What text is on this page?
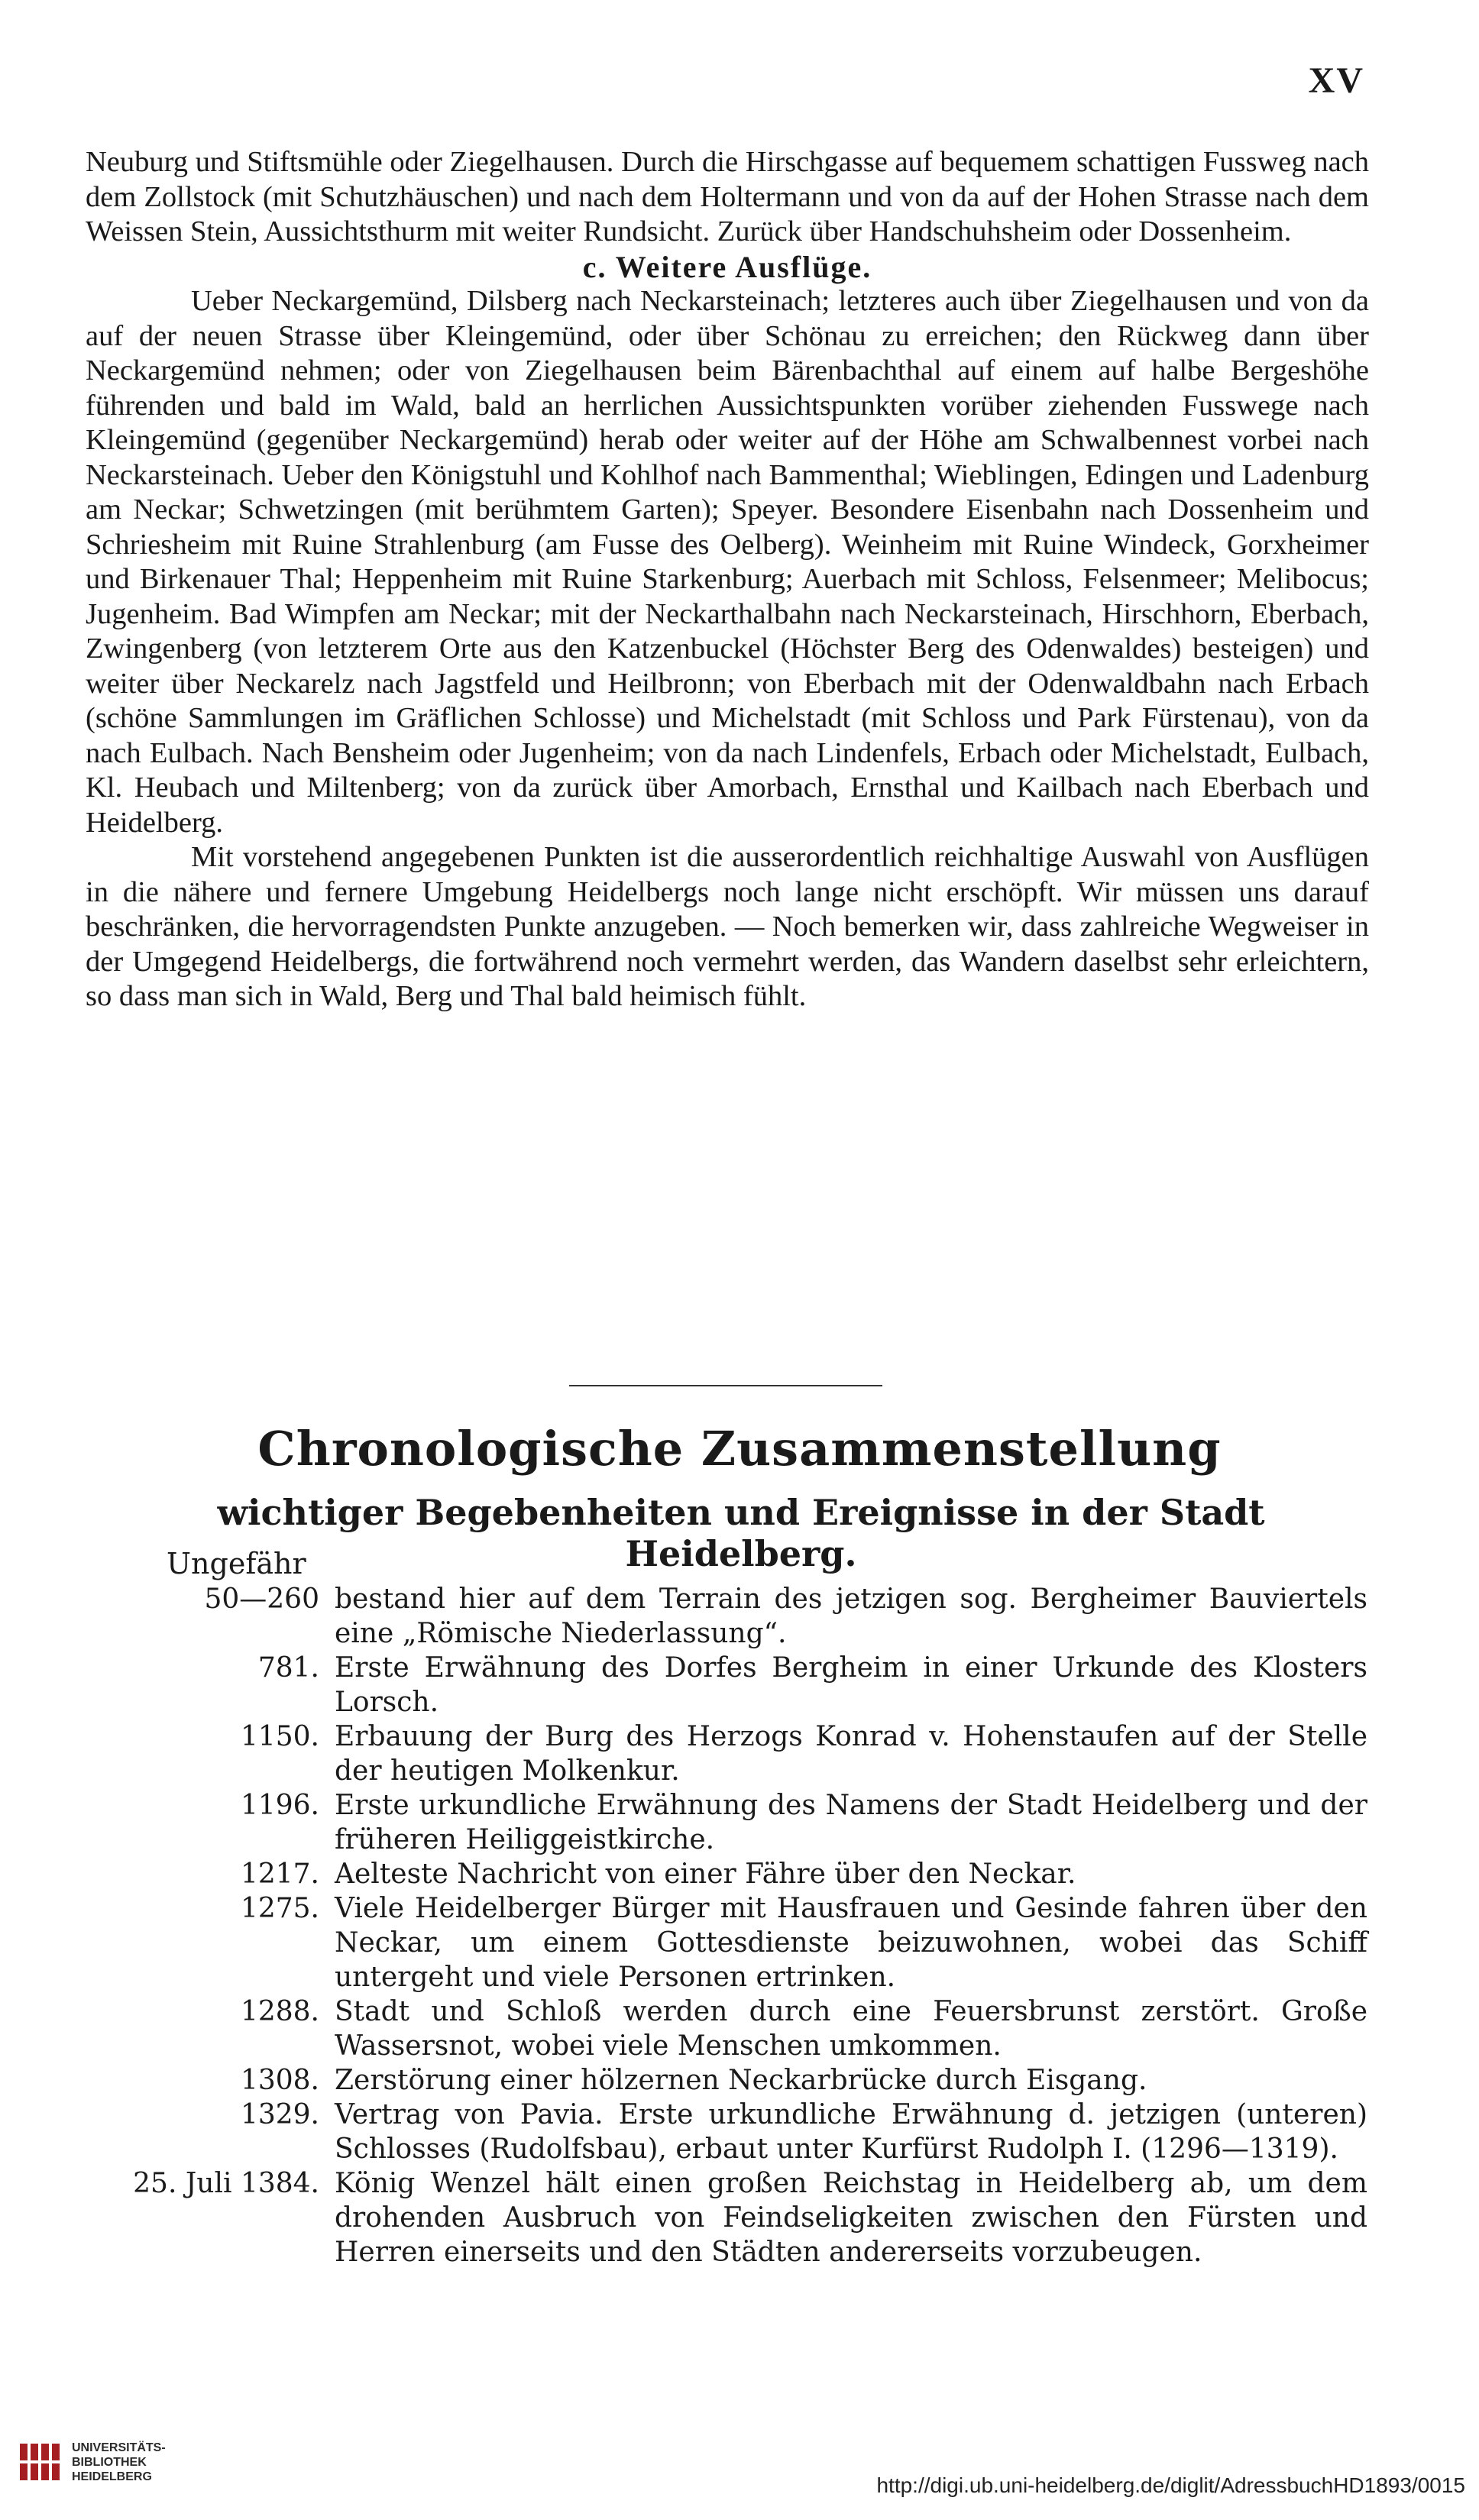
XV

Neuburg und Stiftsmühle oder Ziegelhausen. Durch die Hirschgasse auf bequemem schattigen Fussweg nach dem Zollstock (mit Schutzhäuschen) und nach dem Holtermann und von da auf der Hohen Strasse nach dem Weissen Stein, Aussichtsthurm mit weiter Rundsicht. Zurück über Handschuhsheim oder Dossenheim.

c. Weitere Ausflüge.

Ueber Neckargemünd, Dilsberg nach Neckarsteinach; letzteres auch über Ziegelhausen und von da auf der neuen Strasse über Kleingemünd, oder über Schönau zu erreichen; den Rückweg dann über Neckargemünd nehmen; oder von Ziegelhausen beim Bärenbachthal auf einem auf halbe Bergeshöhe führenden und bald im Wald, bald an herrlichen Aussichtspunkten vorüber ziehenden Fusswege nach Kleingemünd (gegenüber Neckargemünd) herab oder weiter auf der Höhe am Schwalbennest vorbei nach Neckarsteinach. Ueber den Königstuhl und Kohlhof nach Bammenthal; Wieblingen, Edingen und Ladenburg am Neckar; Schwetzingen (mit berühmtem Garten); Speyer. Besondere Eisenbahn nach Dossenheim und Schriesheim mit Ruine Strahlenburg (am Fusse des Oelberg). Weinheim mit Ruine Windeck, Gorxheimer und Birkenauer Thal; Heppenheim mit Ruine Starkenburg; Auerbach mit Schloss, Felsenmeer; Melibocus; Jugenheim. Bad Wimpfen am Neckar; mit der Neckarthalbahn nach Neckarsteinach, Hirschhorn, Eberbach, Zwingenberg (von letzterem Orte aus den Katzenbuckel (Höchster Berg des Odenwaldes) besteigen) und weiter über Neckarelz nach Jagstfeld und Heilbronn; von Eberbach mit der Odenwaldbahn nach Erbach (schöne Sammlungen im Gräflichen Schlosse) und Michelstadt (mit Schloss und Park Fürstenau), von da nach Eulbach. Nach Bensheim oder Jugenheim; von da nach Lindenfels, Erbach oder Michelstadt, Eulbach, Kl. Heubach und Miltenberg; von da zurück über Amorbach, Ernsthal und Kailbach nach Eberbach und Heidelberg.

Mit vorstehend angegebenen Punkten ist die ausserordentlich reichhaltige Auswahl von Ausflügen in die nähere und fernere Umgebung Heidelbergs noch lange nicht erschöpft. Wir müssen uns darauf beschränken, die hervorragendsten Punkte anzugeben. — Noch bemerken wir, dass zahlreiche Wegweiser in der Umgegend Heidelbergs, die fortwährend noch vermehrt werden, das Wandern daselbst sehr erleichtern, so dass man sich in Wald, Berg und Thal bald heimisch fühlt.

Chronologische Zusammenstellung
wichtiger Begebenheiten und Ereignisse in der Stadt Heidelberg.
Ungefähr
50—260 bestand hier auf dem Terrain des jetzigen sog. Bergheimer Bauviertels eine „Römische Niederlassung“.
781. Erste Erwähnung des Dorfes Bergheim in einer Urkunde des Klosters Lorsch.
1150. Erbauung der Burg des Herzogs Konrad v. Hohenstaufen auf der Stelle der heutigen Molkenkur.
1196. Erste urkundliche Erwähnung des Namens der Stadt Heidelberg und der früheren Heiliggeistkirche.
1217. Aelteste Nachricht von einer Fähre über den Neckar.
1275. Viele Heidelberger Bürger mit Hausfrauen und Gesinde fahren über den Neckar, um einem Gottesdienste beizuwohnen, wobei das Schiff untergeht und viele Personen ertrinken.
1288. Stadt und Schloß werden durch eine Feuersbrunst zerstört. Große Wassersnot, wobei viele Menschen umkommen.
1308. Zerstörung einer hölzernen Neckarbrücke durch Eisgang.
1329. Vertrag von Pavia. Erste urkundliche Erwähnung d. jetzigen (unteren) Schlosses (Rudolfsbau), erbaut unter Kurfürst Rudolph I. (1296—1319).
25. Juli 1384. König Wenzel hält einen großen Reichstag in Heidelberg ab, um dem drohenden Ausbruch von Feindseligkeiten zwischen den Fürsten und Herren einerseits und den Städten andererseits vorzubeugen.
UNIVERSITÄTS-
BIBLIOTHEK
HEIDELBERG	http://digi.ub.uni-heidelberg.de/diglit/AdressbuchHD1893/0015
